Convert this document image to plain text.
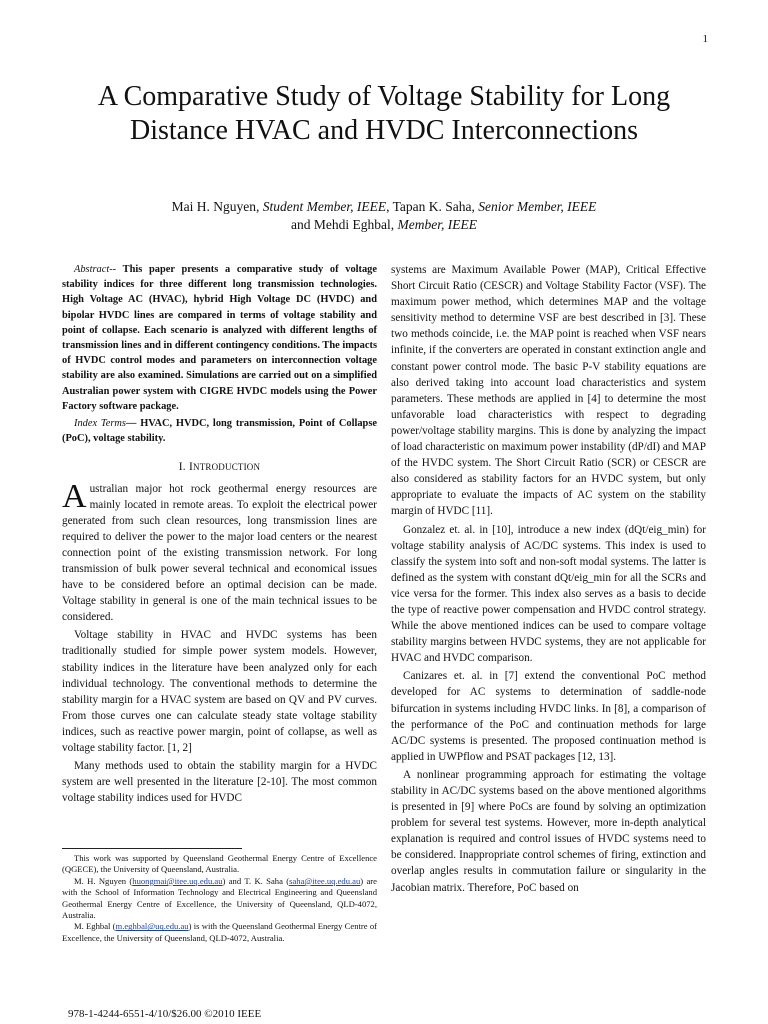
1
A Comparative Study of Voltage Stability for Long Distance HVAC and HVDC Interconnections
Mai H. Nguyen, Student Member, IEEE, Tapan K. Saha, Senior Member, IEEE
and Mehdi Eghbal, Member, IEEE

Abstract-- This paper presents a comparative study of voltage stability indices for three different long transmission technologies. High Voltage AC (HVAC), hybrid High Voltage DC (HVDC) and bipolar HVDC lines are compared in terms of voltage stability and point of collapse. Each scenario is analyzed with different lengths of transmission lines and in different contingency conditions. The impacts of HVDC control modes and parameters on interconnection voltage stability are also examined. Simulations are carried out on a simplified Australian power system with CIGRE HVDC models using the Power Factory software package.

Index Terms— HVAC, HVDC, long transmission, Point of Collapse (PoC), voltage stability.

I. INTRODUCTION

Australian major hot rock geothermal energy resources are mainly located in remote areas. To exploit the electrical power generated from such clean resources, long transmission lines are required to deliver the power to the major load centers or the nearest connection point of the existing transmission network. For long transmission of bulk power several technical and economical issues have to be considered before an optimal decision can be made. Voltage stability in general is one of the main technical issues to be considered.

Voltage stability in HVAC and HVDC systems has been traditionally studied for simple power system models. However, stability indices in the literature have been analyzed only for each individual technology. The conventional methods to determine the stability margin for a HVAC system are based on QV and PV curves. From those curves one can calculate steady state voltage stability indices, such as reactive power margin, point of collapse, as well as voltage stability factor. [1, 2]

Many methods used to obtain the stability margin for a HVDC system are well presented in the literature [2-10]. The most common voltage stability indices used for HVDC

systems are Maximum Available Power (MAP), Critical Effective Short Circuit Ratio (CESCR) and Voltage Stability Factor (VSF). The maximum power method, which determines MAP and the voltage sensitivity method to determine VSF are best described in [3]. These two methods coincide, i.e. the MAP point is reached when VSF nears infinite, if the converters are operated in constant extinction angle and constant power control mode. The basic P-V stability equations are also derived taking into account load characteristics and system parameters. These methods are applied in [4] to determine the most unfavorable load characteristics with respect to degrading power/voltage stability margins. This is done by analyzing the impact of load characteristic on maximum power instability (dP/dI) and MAP of the HVDC system. The Short Circuit Ratio (SCR) or CESCR are also considered as stability factors for an HVDC system, but only appropriate to evaluate the impacts of AC system on the stability margin of HVDC [11].

Gonzalez et. al. in [10], introduce a new index (dQt/eig_min) for voltage stability analysis of AC/DC systems. This index is used to classify the system into soft and non-soft modal systems. The latter is defined as the system with constant dQt/eig_min for all the SCRs and vice versa for the former. This index also serves as a basis to decide the type of reactive power compensation and HVDC control strategy. While the above mentioned indices can be used to compare voltage stability margins between HVDC systems, they are not applicable for HVAC and HVDC comparison.

Canizares et. al. in [7] extend the conventional PoC method developed for AC systems to determination of saddle-node bifurcation in systems including HVDC links. In [8], a comparison of the performance of the PoC and continuation methods for large AC/DC systems is presented. The proposed continuation method is applied in UWPflow and PSAT packages [12, 13].

A nonlinear programming approach for estimating the voltage stability in AC/DC systems based on the above mentioned algorithms is presented in [9] where PoCs are found by solving an optimization problem for several test systems. However, more in-depth analytical explanation is required and control issues of HVDC systems need to be considered. Inappropriate control schemes of firing, extinction and overlap angles results in commutation failure or singularity in the Jacobian matrix. Therefore, PoC based on

This work was supported by Queensland Geothermal Energy Centre of Excellence (QGECE), the University of Queensland, Australia.

M. H. Nguyen (huongmai@itee.uq.edu.au) and T. K. Saha (saha@itee.uq.edu.au) are with the School of Information Technology and Electrical Engineering and Queensland Geothermal Energy Centre of Excellence, the University of Queensland, QLD-4072, Australia.

M. Eghbal (m.eghbal@uq.edu.au) is with the Queensland Geothermal Energy Centre of Excellence, the University of Queensland, QLD-4072, Australia.

978-1-4244-6551-4/10/$26.00 ©2010 IEEE
